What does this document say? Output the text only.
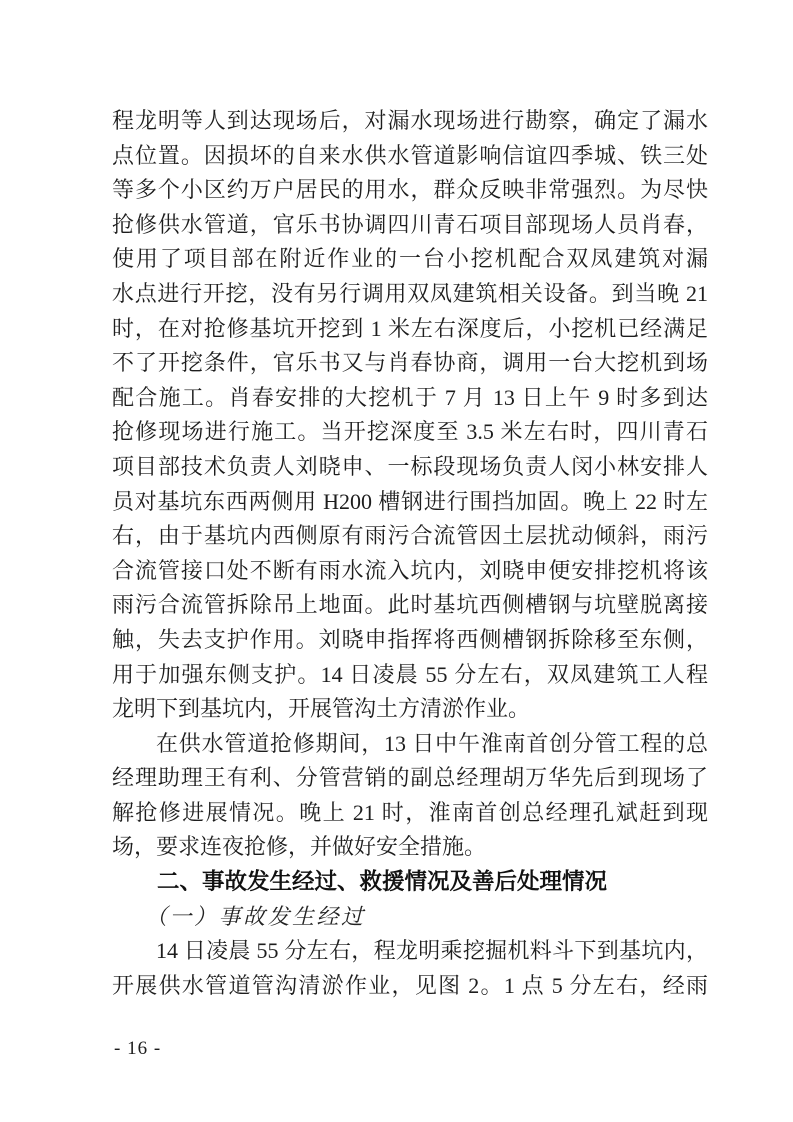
程龙明等人到达现场后，对漏水现场进行勘察，确定了漏水
点位置。因损坏的自来水供水管道影响信谊四季城、铁三处
等多个小区约万户居民的用水，群众反映非常强烈。为尽快
抢修供水管道，官乐书协调四川青石项目部现场人员肖春，
使用了项目部在附近作业的一台小挖机配合双凤建筑对漏
水点进行开挖，没有另行调用双凤建筑相关设备。到当晚 21
时，在对抢修基坑开挖到 1 米左右深度后，小挖机已经满足
不了开挖条件，官乐书又与肖春协商，调用一台大挖机到场
配合施工。肖春安排的大挖机于 7 月 13 日上午 9 时多到达
抢修现场进行施工。当开挖深度至 3.5 米左右时，四川青石
项目部技术负责人刘晓申、一标段现场负责人闵小林安排人
员对基坑东西两侧用 H200 槽钢进行围挡加固。晚上 22 时左
右，由于基坑内西侧原有雨污合流管因土层扰动倾斜，雨污
合流管接口处不断有雨水流入坑内，刘晓申便安排挖机将该
雨污合流管拆除吊上地面。此时基坑西侧槽钢与坑壁脱离接
触，失去支护作用。刘晓申指挥将西侧槽钢拆除移至东侧，
用于加强东侧支护。14 日凌晨 55 分左右，双凤建筑工人程
龙明下到基坑内，开展管沟土方清淤作业。
在供水管道抢修期间，13 日中午淮南首创分管工程的总
经理助理王有利、分管营销的副总经理胡万华先后到现场了
解抢修进展情况。晚上 21 时，淮南首创总经理孔斌赶到现
场，要求连夜抢修，并做好安全措施。
二、事故发生经过、救援情况及善后处理情况
（一）事故发生经过
14 日凌晨 55 分左右，程龙明乘挖掘机料斗下到基坑内，
开展供水管道管沟清淤作业，见图 2。1 点 5 分左右，经雨
- 16 -
